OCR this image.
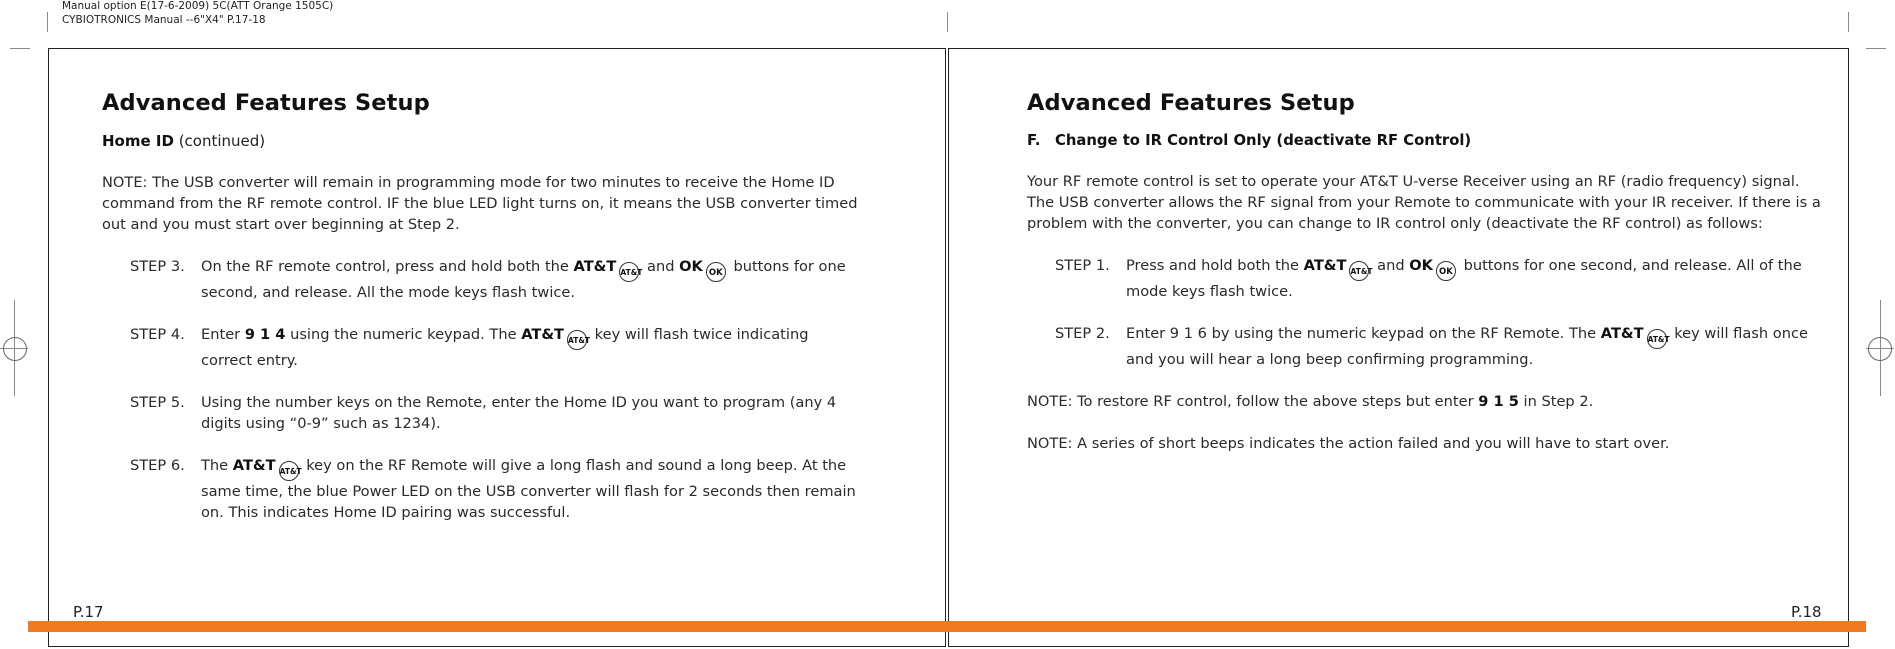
Manual option E(17-6-2009) 5C(ATT Orange 1505C)
CYBIOTRONICS Manual --6"X4" P.17-18
Advanced Features Setup
Home ID (continued)
NOTE: The USB converter will remain in programming mode for two minutes to receive the Home ID command from the RF remote control. IF the blue LED light turns on, it means the USB converter timed out and you must start over beginning at Step 2.
STEP 3.	On the RF remote control, press and hold both the AT&T AT&T and OK OK buttons for one second, and release. All the mode keys flash twice.
STEP 4.	Enter 9 1 4 using the numeric keypad. The AT&T AT&T key will flash twice indicating correct entry.
STEP 5.	Using the number keys on the Remote, enter the Home ID you want to program (any 4 digits using “0-9” such as 1234).
STEP 6.	The AT&T AT&T key on the RF Remote will give a long flash and sound a long beep. At the same time, the blue Power LED on the USB converter will flash for 2 seconds then remain on. This indicates Home ID pairing was successful.
P.17
Advanced Features Setup
F. Change to IR Control Only (deactivate RF Control)
Your RF remote control is set to operate your AT&T U-verse Receiver using an RF (radio frequency) signal. The USB converter allows the RF signal from your Remote to communicate with your IR receiver. If there is a problem with the converter, you can change to IR control only (deactivate the RF control) as follows:
STEP 1.	Press and hold both the AT&T AT&T and OK OK buttons for one second, and release. All of the mode keys flash twice.
STEP 2.	Enter 9 1 6 by using the numeric keypad on the RF Remote. The AT&T AT&T key will flash once and you will hear a long beep confirming programming.
NOTE: To restore RF control, follow the above steps but enter 9 1 5 in Step 2.
NOTE: A series of short beeps indicates the action failed and you will have to start over.
P.18
